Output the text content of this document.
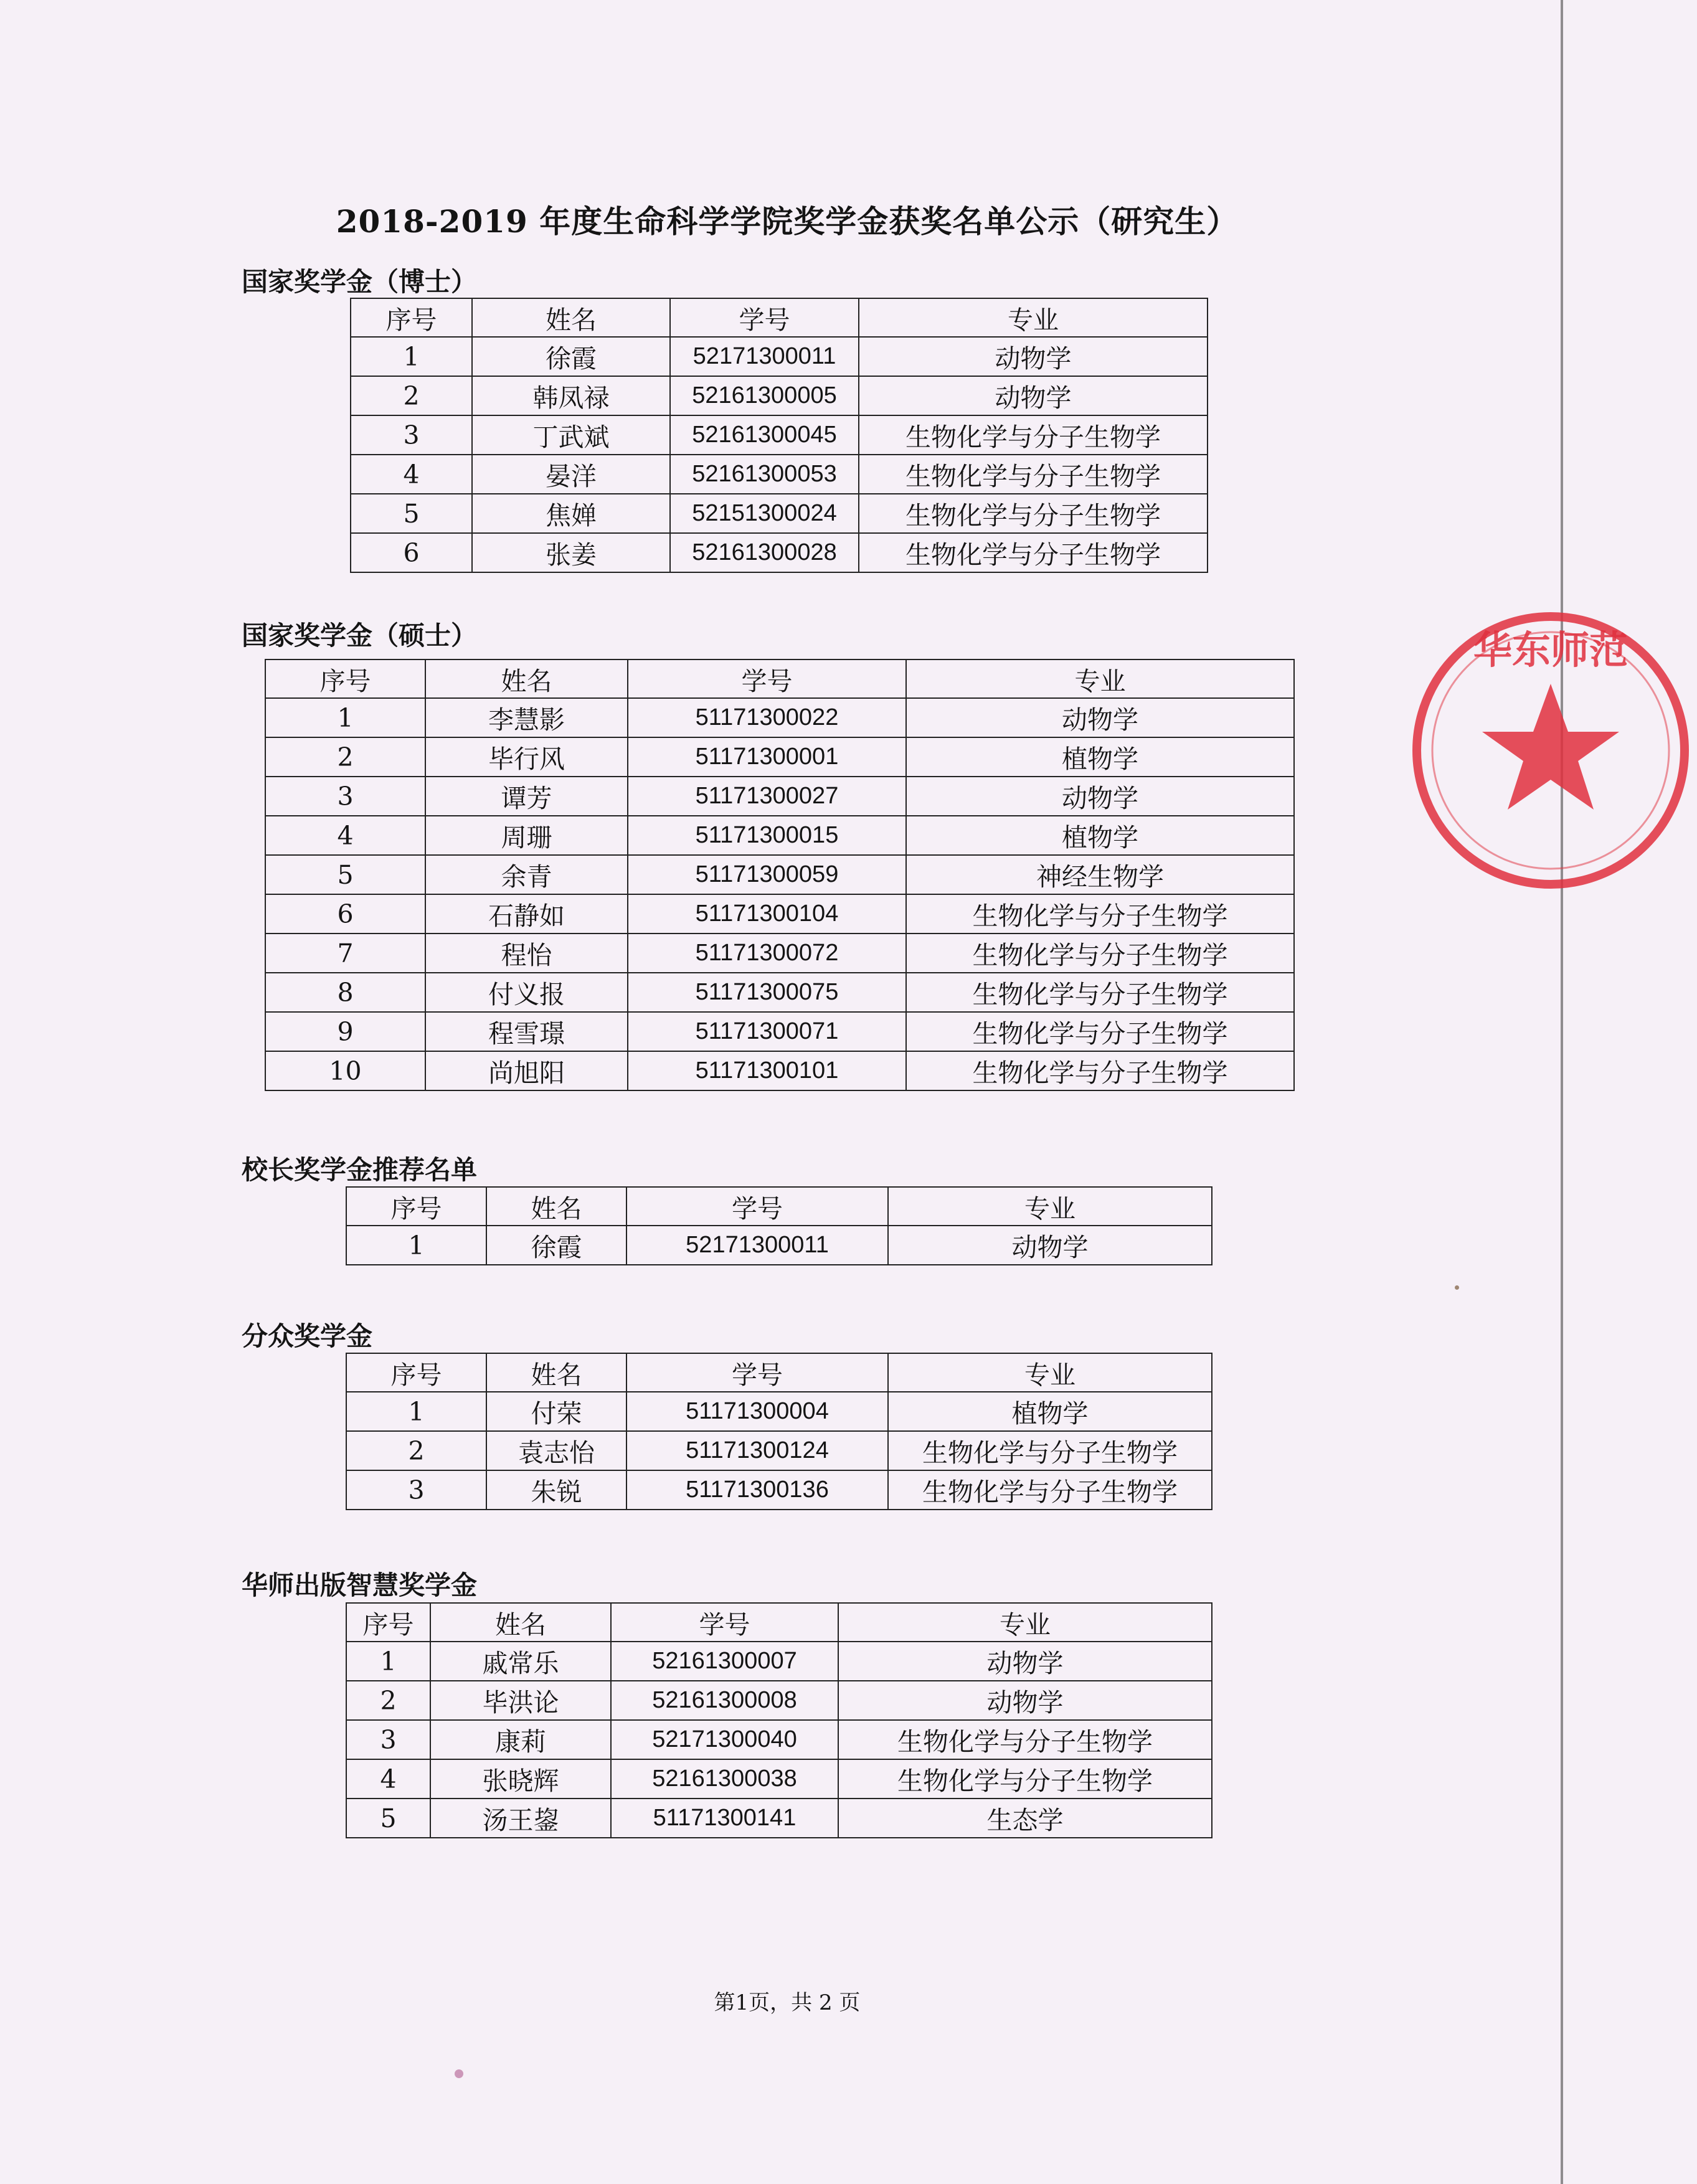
2018-2019 年度生命科学学院奖学金获奖名单公示（研究生）
国家奖学金（博士）
序号	姓名	学号	专业
1	徐霞	52171300011	动物学
2	韩凤禄	52161300005	动物学
3	丁武斌	52161300045	生物化学与分子生物学
4	晏洋	52161300053	生物化学与分子生物学
5	焦婵	52151300024	生物化学与分子生物学
6	张姜	52161300028	生物化学与分子生物学
国家奖学金（硕士）
序号	姓名	学号	专业
1	李慧影	51171300022	动物学
2	毕行风	51171300001	植物学
3	谭芳	51171300027	动物学
4	周珊	51171300015	植物学
5	余青	51171300059	神经生物学
6	石静如	51171300104	生物化学与分子生物学
7	程怡	51171300072	生物化学与分子生物学
8	付义报	51171300075	生物化学与分子生物学
9	程雪璟	51171300071	生物化学与分子生物学
10	尚旭阳	51171300101	生物化学与分子生物学
校长奖学金推荐名单
序号	姓名	学号	专业
1	徐霞	52171300011	动物学
分众奖学金
序号	姓名	学号	专业
1	付荣	51171300004	植物学
2	袁志怡	51171300124	生物化学与分子生物学
3	朱锐	51171300136	生物化学与分子生物学
华师出版智慧奖学金
序号	姓名	学号	专业
1	戚常乐	52161300007	动物学
2	毕洪论	52161300008	动物学
3	康莉	52171300040	生物化学与分子生物学
4	张晓辉	52161300038	生物化学与分子生物学
5	汤王鋆	51171300141	生态学

第1页，共 2 页

华东师范
